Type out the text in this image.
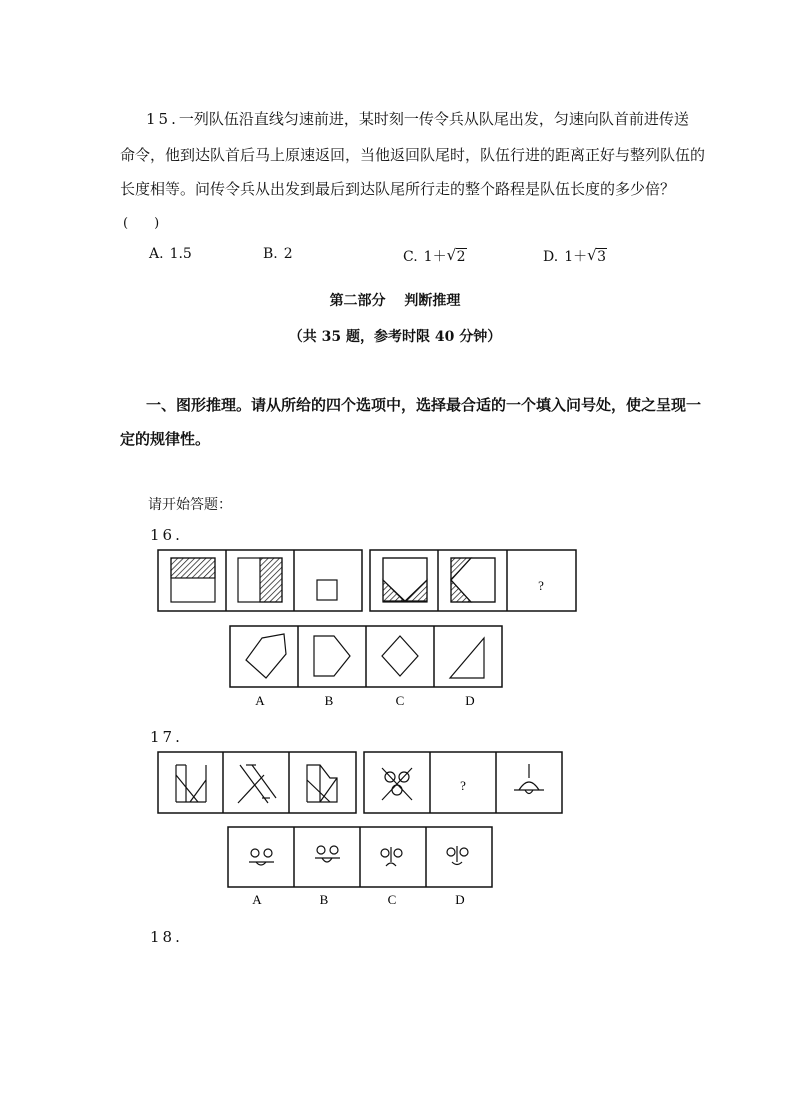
15.一列队伍沿直线匀速前进，某时刻一传令兵从队尾出发，匀速向队首前进传送
命令，他到达队首后马上原速返回，当他返回队尾时，队伍行进的距离正好与整列队伍的
长度相等。问传令兵从出发到最后到达队尾所行走的整个路程是队伍长度的多少倍？
(　　)
A. 1.5	B. 2	C. 1＋ √ 2	D. 1＋ √ 3
第二部分　 判断推理
（共 35 题，参考时限 40 分钟）
一、图形推理。请从所给的四个选项中，选择最合适的一个填入问号处，使之呈现一
定的规律性。
请开始答题：
16.
17.
18.
?
A	B	C	D
?
A	B	C	D
